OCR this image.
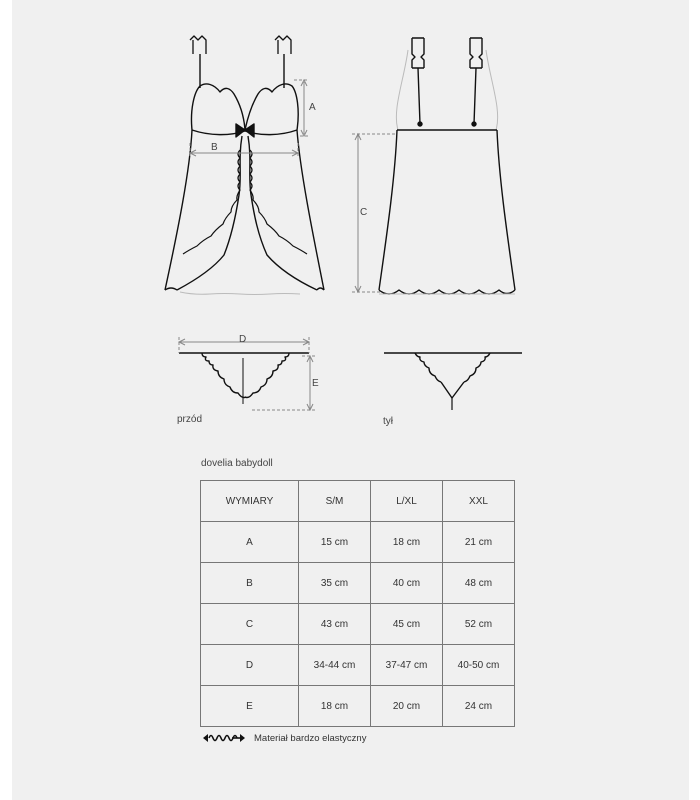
A
B
C
D
E
przód	tył
dovelia babydoll
WYMIARY	S/M	L/XL	XXL
A	15 cm	18 cm	21 cm
B	35 cm	40 cm	48 cm
C	43 cm	45 cm	52 cm
D	34-44 cm	37-47 cm	40-50 cm
E	18 cm	20 cm	24 cm
Materiał bardzo elastyczny
